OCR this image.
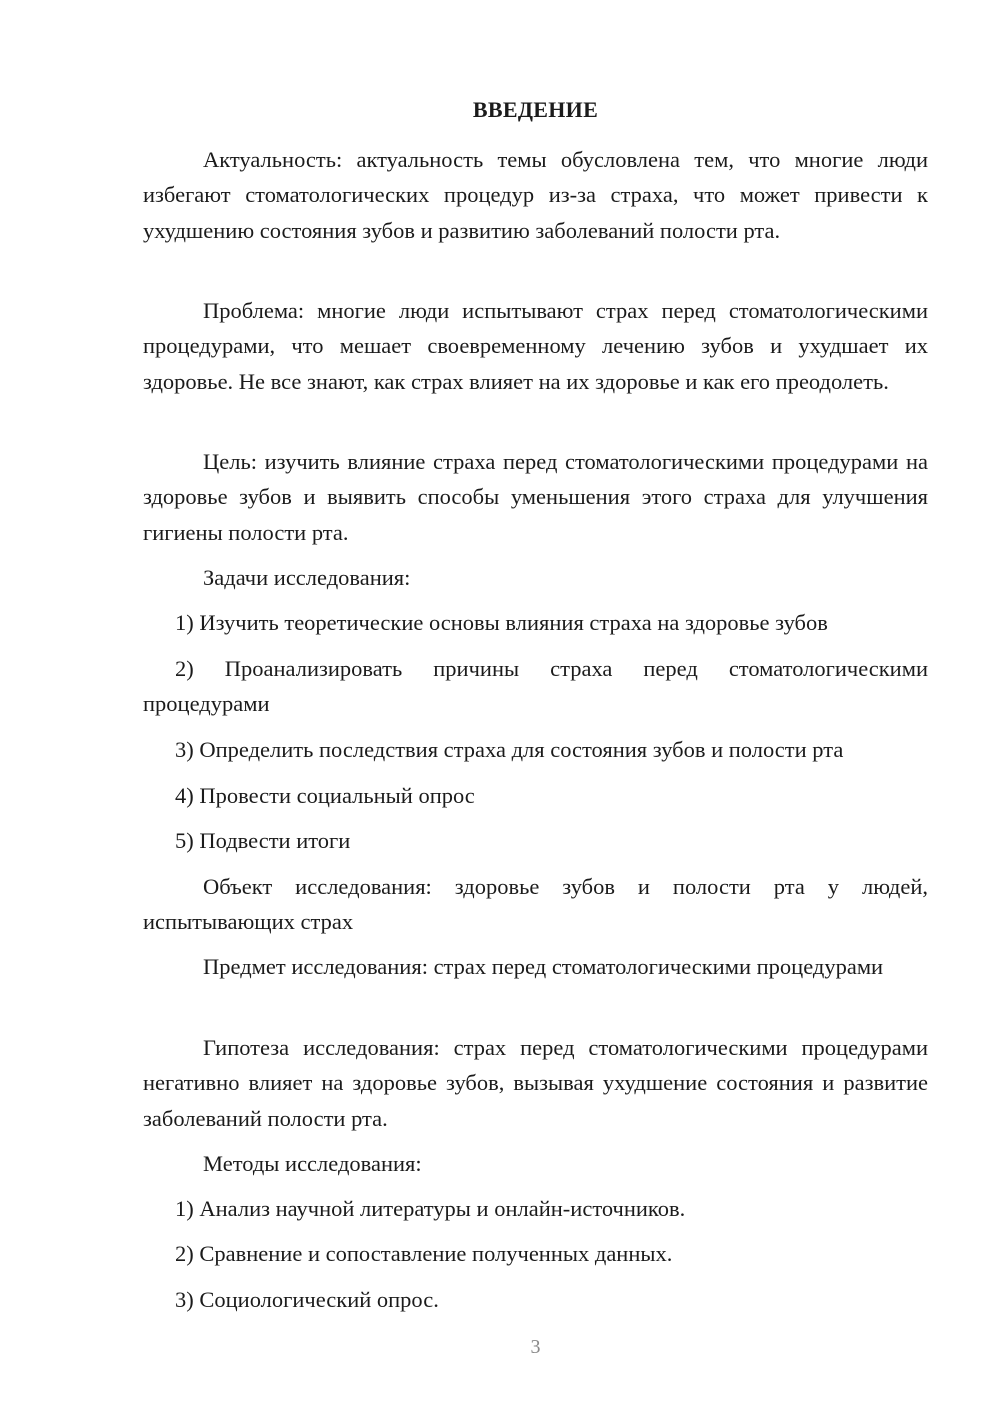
ВВЕДЕНИЕ

Актуальность: актуальность темы обусловлена тем, что многие люди избегают стоматологических процедур из-за страха, что может привести к ухудшению состояния зубов и развитию заболеваний полости рта.

Проблема: многие люди испытывают страх перед стоматологическими процедурами, что мешает своевременному лечению зубов и ухудшает их здоровье. Не все знают, как страх влияет на их здоровье и как его преодолеть.

Цель: изучить влияние страха перед стоматологическими процедурами на здоровье зубов и выявить способы уменьшения этого страха для улучшения гигиены полости рта.

Задачи исследования:

1) Изучить теоретические основы влияния страха на здоровье зубов

2) Проанализировать причины страха перед стоматологическими процедурами

3) Определить последствия страха для состояния зубов и полости рта

4) Провести социальный опрос

5) Подвести итоги

Объект исследования: здоровье зубов и полости рта у людей, испытывающих страх

Предмет исследования: страх перед стоматологическими процедурами

Гипотеза исследования: страх перед стоматологическими процедурами негативно влияет на здоровье зубов, вызывая ухудшение состояния и развитие заболеваний полости рта.

Методы исследования:

1) Анализ научной литературы и онлайн-источников.

2) Сравнение и сопоставление полученных данных.

3) Социологический опрос.

3
